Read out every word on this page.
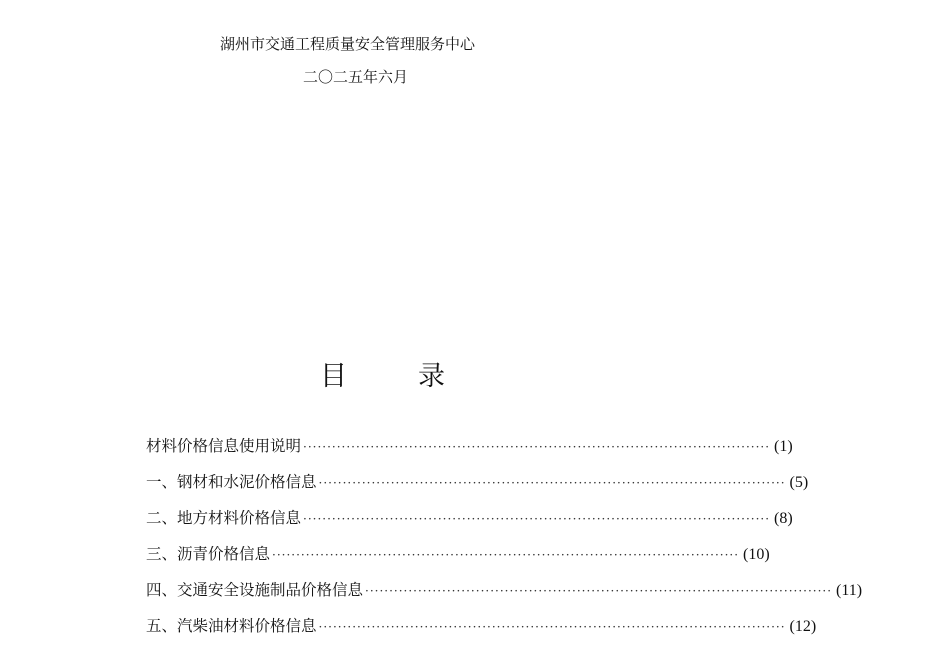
湖州市交通工程质量安全管理服务中心
二〇二五年六月
目　录
材料价格信息使用说明 ································································································· (1)
一、钢材和水泥价格信息 ································································································· (5)
二、地方材料价格信息 ································································································· (8)
三、沥青价格信息 ································································································· (10)
四、交通安全设施制品价格信息 ································································································· (11)
五、汽柴油材料价格信息 ································································································· (12)
